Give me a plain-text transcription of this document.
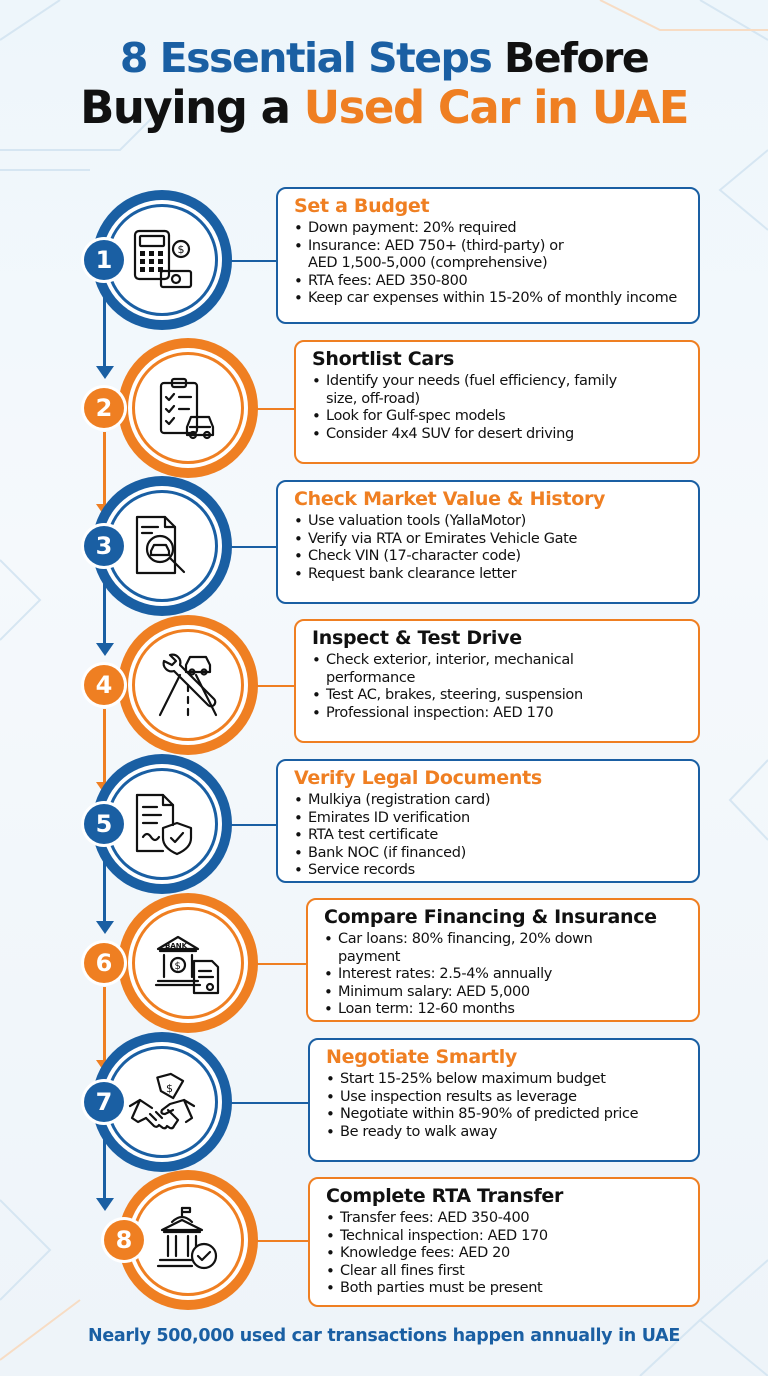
8 Essential Steps Before
Buying a Used Car in UAE
$
1
Set a Budget
• Down payment: 20% required
• Insurance: AED 750+ (third-party) or
AED 1,500-5,000 (comprehensive)
• RTA fees: AED 350-800
• Keep car expenses within 15-20% of monthly income
2
Shortlist Cars
• Identify your needs (fuel efficiency, family
size, off-road)
• Look for Gulf-spec models
• Consider 4x4 SUV for desert driving
3
Check Market Value & History
• Use valuation tools (YallaMotor)
• Verify via RTA or Emirates Vehicle Gate
• Check VIN (17-character code)
• Request bank clearance letter
4
Inspect & Test Drive
• Check exterior, interior, mechanical
performance
• Test AC, brakes, steering, suspension
• Professional inspection: AED 170
5
Verify Legal Documents
• Mulkiya (registration card)
• Emirates ID verification
• RTA test certificate
• Bank NOC (if financed)
• Service records
BANK
$
6
Compare Financing & Insurance
• Car loans: 80% financing, 20% down
payment
• Interest rates: 2.5-4% annually
• Minimum salary: AED 5,000
• Loan term: 12-60 months
$
7
Negotiate Smartly
• Start 15-25% below maximum budget
• Use inspection results as leverage
• Negotiate within 85-90% of predicted price
• Be ready to walk away
8
Complete RTA Transfer
• Transfer fees: AED 350-400
• Technical inspection: AED 170
• Knowledge fees: AED 20
• Clear all fines first
• Both parties must be present
Nearly 500,000 used car transactions happen annually in UAE
